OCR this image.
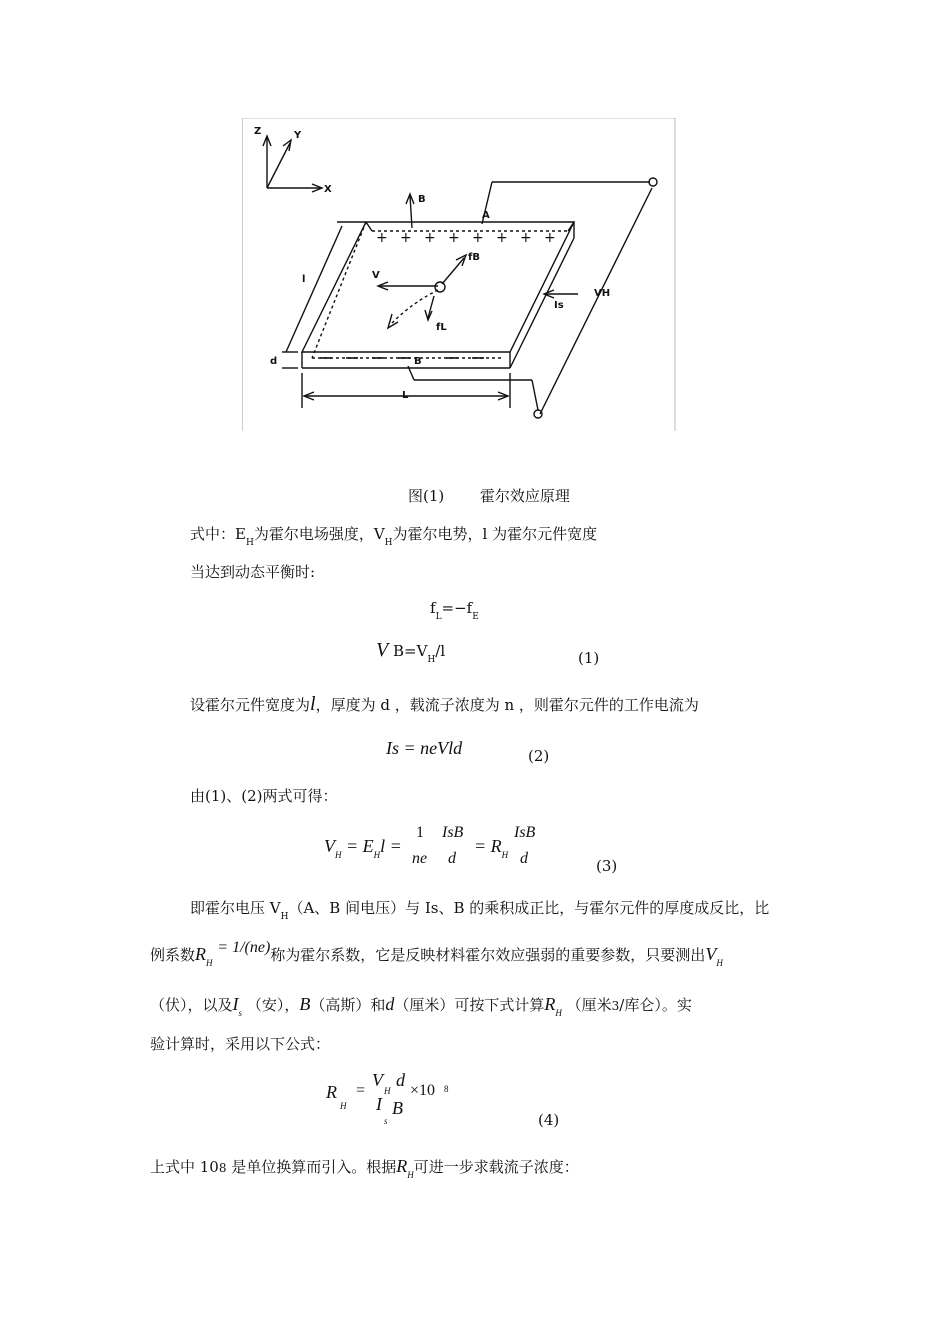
+ + + + + + + +
Z	Y
X
B
A
fB
V
fL
Is
VH
l
d	B
L
图(1) 霍尔效应原理
式中：$E_H$为霍尔电场强度，$V_H$为霍尔电势，l 为霍尔元件宽度
当达到动态平衡时:
$f_L=-f_E$
V $B=V_H/l$	(1)
设霍尔元件宽度为l，厚度为 d ，载流子浓度为 n ，则霍尔元件的工作电流为
Is = neVld	(2)
由(1)、(2)两式可得：
$V_H = E_Hl$ =
1
ne
IsB
d
= $R_H$
IsB
d	(3)
即霍尔电压 $V_H(A$、B 间电压）与 Is、B 的乘积成正比，与霍尔元件的厚度成反比，比
例系数$R_H = 1/(ne)$称为霍尔系数，它是反映材料霍尔效应强弱的重要参数，只要测出$V_H$
（伏），以及$I_s$ （安），B（高斯）和d（厘米）可按下式计算$R_H$ （厘米3/库仑）。实
验计算时，采用以下公式：
R
$_H$
=
V
H
d
I
s
B
×10 8
(4)
上式中 108 是单位换算而引入。根据$R_H$可进一步求载流子浓度：
